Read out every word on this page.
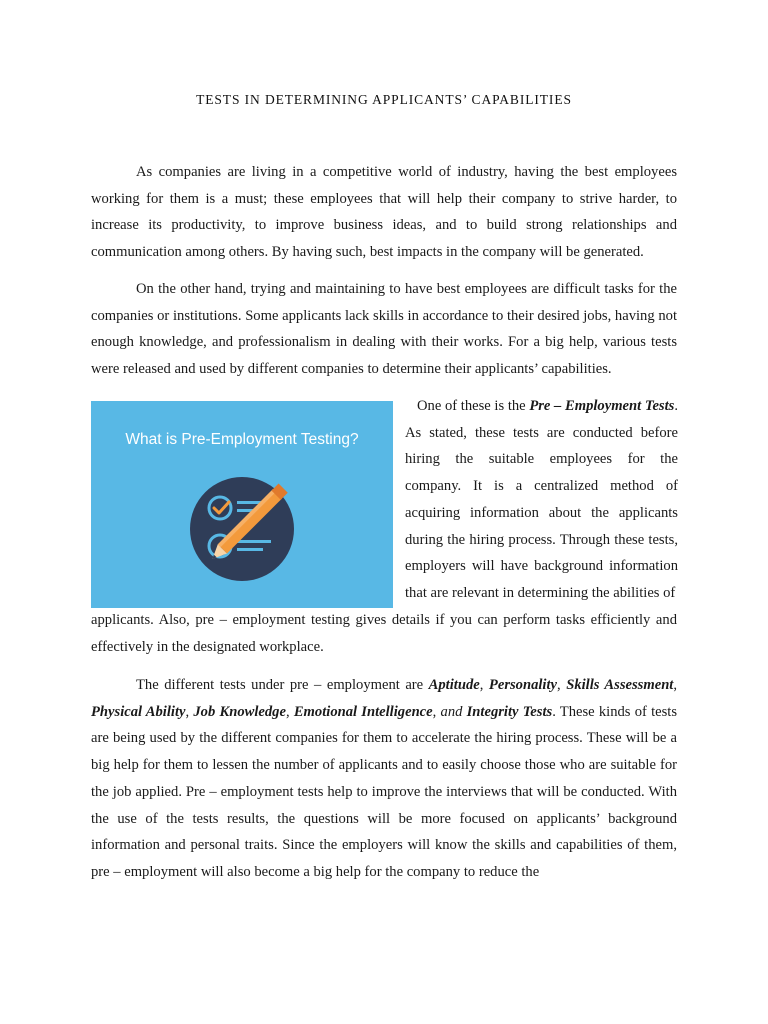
TESTS IN DETERMINING APPLICANTS’ CAPABILITIES

As companies are living in a competitive world of industry, having the best employees working for them is a must; these employees that will help their company to strive harder, to increase its productivity, to improve business ideas, and to build strong relationships and communication among others. By having such, best impacts in the company will be generated.

On the other hand, trying and maintaining to have best employees are difficult tasks for the companies or institutions. Some applicants lack skills in accordance to their desired jobs, having not enough knowledge, and professionalism in dealing with their works. For a big help, various tests were released and used by different companies to determine their applicants’ capabilities.

What is Pre-Employment Testing?
One of these is the Pre – Employment Tests. As stated, these tests are conducted before hiring the suitable employees for the company. It is a centralized method of acquiring information about the applicants during the hiring process. Through these tests, employers will have background information that are relevant in determining the abilities of

applicants. Also, pre – employment testing gives details if you can perform tasks efficiently and effectively in the designated workplace.

The different tests under pre – employment are Aptitude, Personality, Skills Assessment, Physical Ability, Job Knowledge, Emotional Intelligence, and Integrity Tests. These kinds of tests are being used by the different companies for them to accelerate the hiring process. These will be a big help for them to lessen the number of applicants and to easily choose those who are suitable for the job applied. Pre – employment tests help to improve the interviews that will be conducted. With the use of the tests results, the questions will be more focused on applicants’ background information and personal traits. Since the employers will know the skills and capabilities of them, pre – employment will also become a big help for the company to reduce the
